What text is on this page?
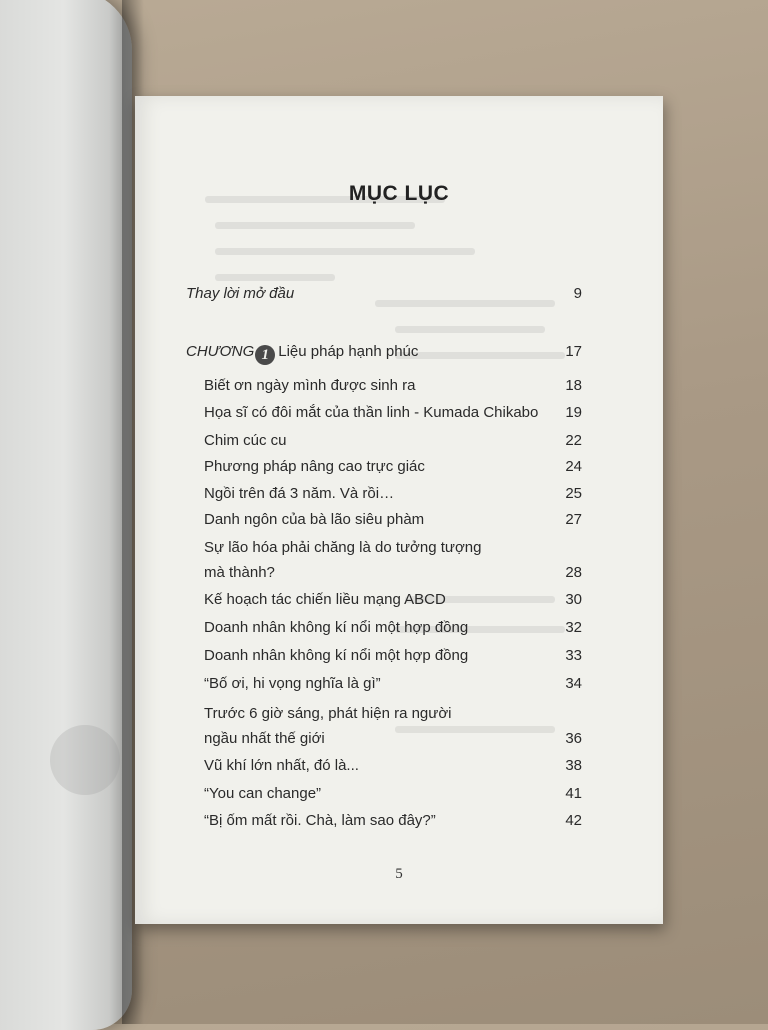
MỤC LỤC
Thay lời mở đầu	9
CHƯƠNG 1 Liệu pháp hạnh phúc	17
Biết ơn ngày mình được sinh ra	18
Họa sĩ có đôi mắt của thần linh - Kumada Chikabo 19
Chim cúc cu	22
Phương pháp nâng cao trực giác	24
Ngồi trên đá 3 năm. Và rồi…	25
Danh ngôn của bà lão siêu phàm	27
Sự lão hóa phải chăng là do tưởng tượng
mà thành?	28
Kế hoạch tác chiến liều mạng ABCD	30
Doanh nhân không kí nổi một hợp đồng	32
Doanh nhân không kí nổi một hợp đồng	33
“Bố ơi, hi vọng nghĩa là gì”	34
Trước 6 giờ sáng, phát hiện ra người
ngầu nhất thế giới	36
Vũ khí lớn nhất, đó là...	38
“You can change”	41
“Bị ốm mất rồi. Chà, làm sao đây?”	42
5
